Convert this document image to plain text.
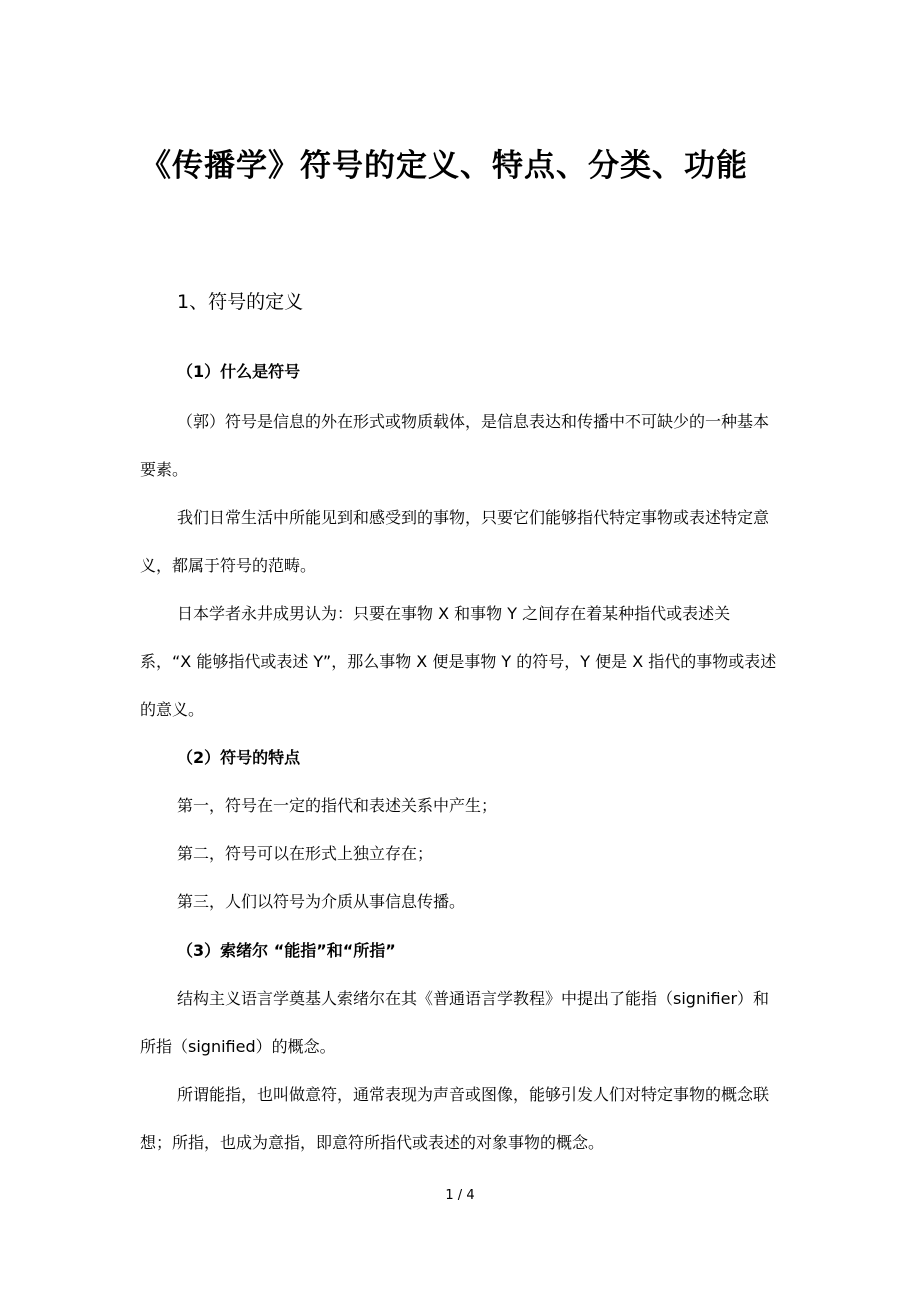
《传播学》符号的定义、特点、分类、功能
1、符号的定义
（1）什么是符号

（郭）符号是信息的外在形式或物质载体，是信息表达和传播中不可缺少的一种基本要素。

我们日常生活中所能见到和感受到的事物，只要它们能够指代特定事物或表述特定意义，都属于符号的范畴。

日本学者永井成男认为：只要在事物 X 和事物 Y 之间存在着某种指代或表述关系，“X 能够指代或表述 Y”，那么事物 X 便是事物 Y 的符号，Y 便是 X 指代的事物或表述的意义。

（2）符号的特点

第一，符号在一定的指代和表述关系中产生；

第二，符号可以在形式上独立存在；

第三，人们以符号为介质从事信息传播。

（3）索绪尔 “能指”和“所指”

结构主义语言学奠基人索绪尔在其《普通语言学教程》中提出了能指（signifier）和所指（signified）的概念。

所谓能指，也叫做意符，通常表现为声音或图像，能够引发人们对特定事物的概念联想；所指，也成为意指，即意符所指代或表述的对象事物的概念。

1 / 4
